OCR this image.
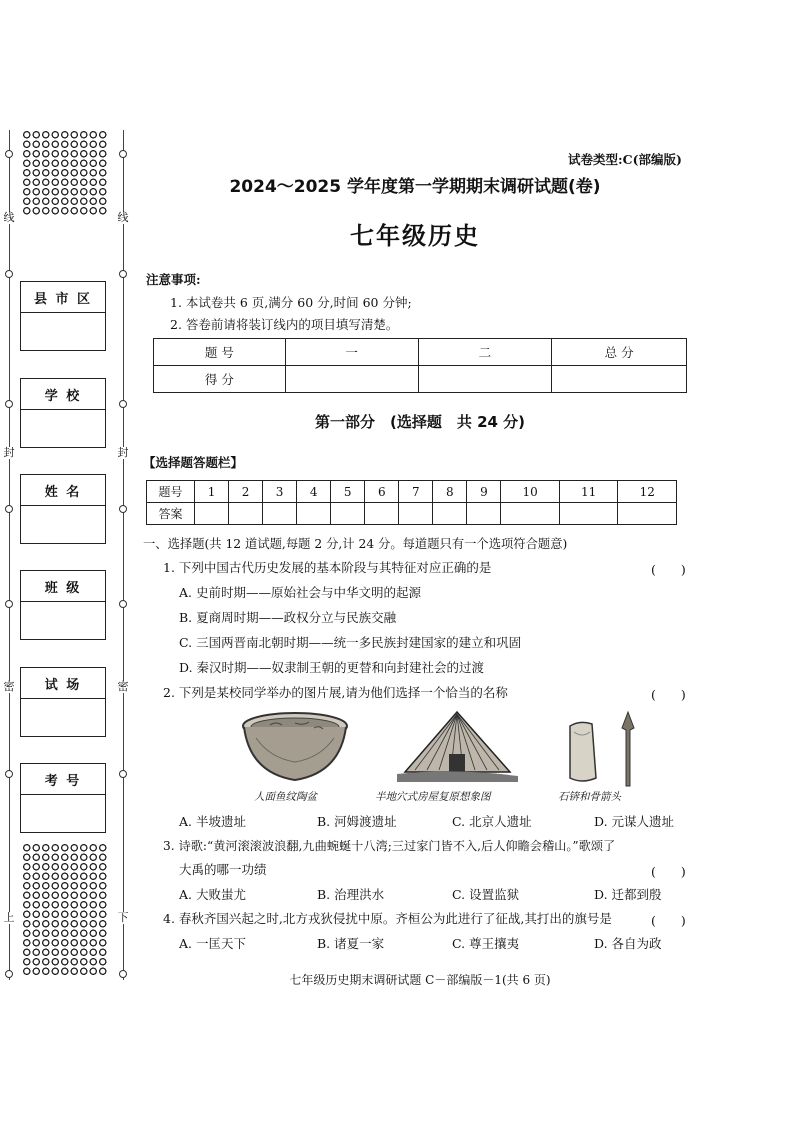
线	线
封	封
密	密
上	下
县 市 区
学 校
姓 名
班 级
试 场
考 号
试卷类型:C(部编版)
2024～2025 学年度第一学期期末调研试题(卷)
七年级历史
注意事项:
1. 本试卷共 6 页,满分 60 分,时间 60 分钟;
2. 答卷前请将装订线内的项目填写清楚。
题 号	一	二	总 分
得 分			
第一部分　(选择题　共 24 分)
【选择题答题栏】
题号	1	2	3	4	5	6	7	8	9	10	11	12
答案												
一、选择题(共 12 道试题,每题 2 分,计 24 分。每道题只有一个选项符合题意)
1. 下列中国古代历史发展的基本阶段与其特征对应正确的是	(　　)
A. 史前时期——原始社会与中华文明的起源
B. 夏商周时期——政权分立与民族交融
C. 三国两晋南北朝时期——统一多民族封建国家的建立和巩固
D. 秦汉时期——奴隶制王朝的更替和向封建社会的过渡
2. 下列是某校同学举办的图片展,请为他们选择一个恰当的名称	(　　)
人面鱼纹陶盆	半地穴式房屋复原想象图	石锛和骨箭头
A. 半坡遗址	B. 河姆渡遗址	C. 北京人遗址	D. 元谋人遗址
3. 诗歌:“黄河滚滚波浪翻,九曲蜿蜒十八湾;三过家门皆不入,后人仰瞻会稽山。”歌颂了
大禹的哪一功绩	(　　)
A. 大败蚩尤	B. 治理洪水	C. 设置监狱	D. 迁都到殷
4. 春秋齐国兴起之时,北方戎狄侵扰中原。齐桓公为此进行了征战,其打出的旗号是	(　　)
A. 一匡天下	B. 诸夏一家	C. 尊王攘夷	D. 各自为政
七年级历史期末调研试题 C－部编版－1(共 6 页)
